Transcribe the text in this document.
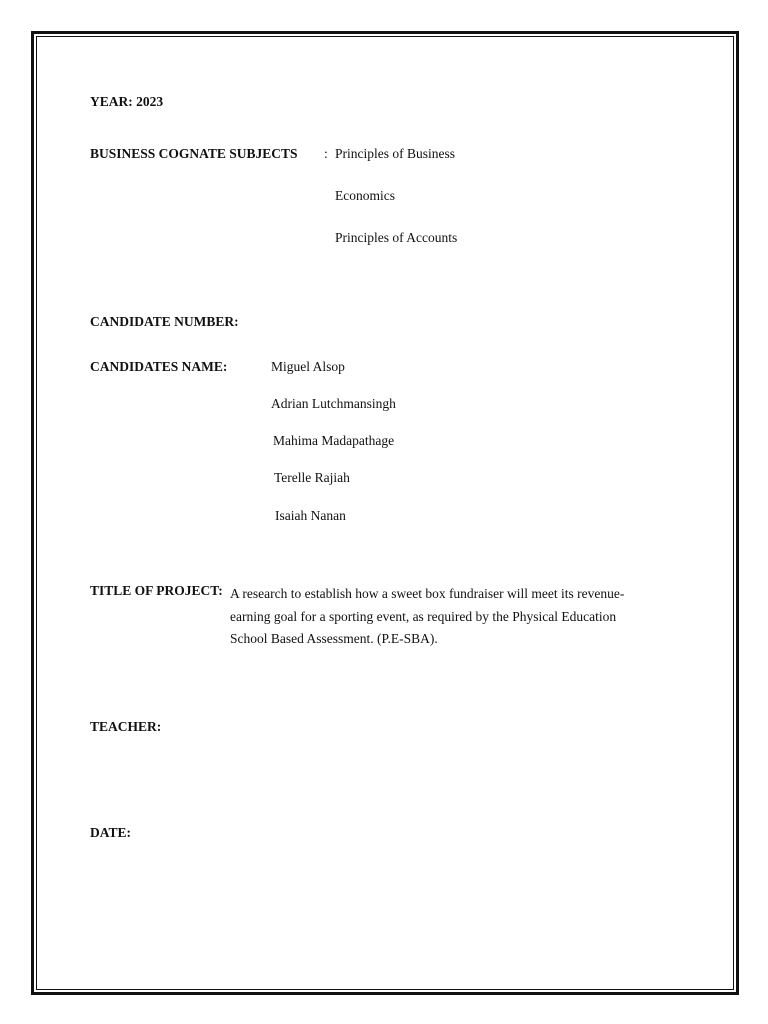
YEAR: 2023
BUSINESS COGNATE SUBJECTS : Principles of Business
Economics
Principles of Accounts
CANDIDATE NUMBER:
CANDIDATES NAME:	Miguel Alsop
Adrian Lutchmansingh
Mahima Madapathage
Terelle Rajiah
Isaiah Nanan
TITLE OF PROJECT: A research to establish how a sweet box fundraiser will meet its revenue-
earning goal for a sporting event, as required by the Physical Education
School Based Assessment. (P.E-SBA).
TEACHER:
DATE:
